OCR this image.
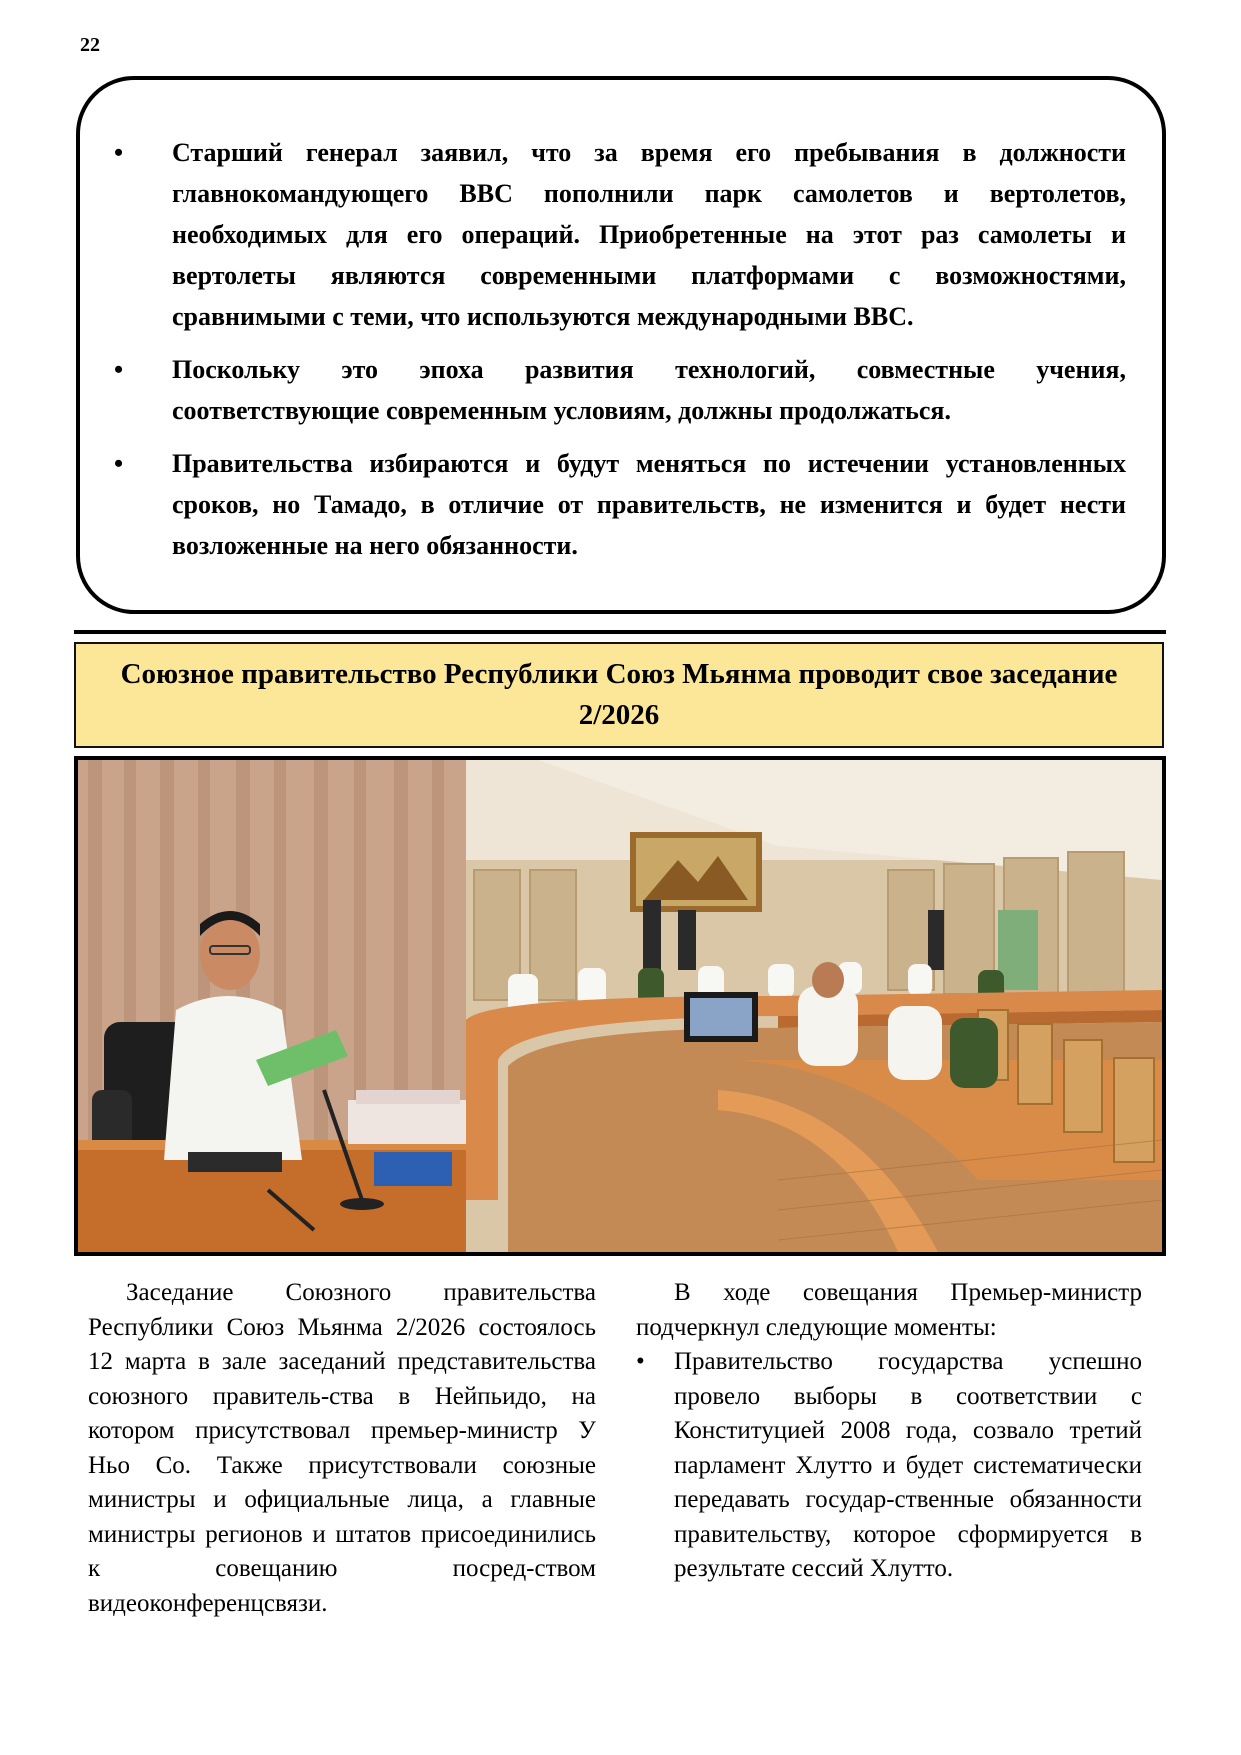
22
• Старший генерал заявил, что за время его пребывания в должности главнокомандующего ВВС пополнили парк самолетов и вертолетов, необходимых для его операций. Приобретенные на этот раз самолеты и вертолеты являются современными платформами с возможностями, сравнимыми с теми, что используются международными ВВС.
• Поскольку это эпоха развития технологий, совместные учения, соответствующие современным условиям, должны продолжаться.
• Правительства избираются и будут меняться по истечении установленных сроков, но Тамадо, в отличие от правительств, не изменится и будет нести возложенные на него обязанности.
Союзное правительство Республики Союз Мьянма проводит свое заседание
2/2026

Заседание Союзного правительства Республики Союз Мьянма 2/2026 состоялось 12 марта в зале заседаний представительства союзного правитель-ства в Нейпьидо, на котором присутствовал премьер-министр У Ньо Со. Также присутствовали союзные министры и официальные лица, а главные министры регионов и штатов присоединились к совещанию посред-ством видеоконференцсвязи.

В ходе совещания Премьер-министр подчеркнул следующие моменты:

• Правительство государства успешно провело выборы в соответствии с Конституцией 2008 года, созвало третий парламент Хлутто и будет систематически передавать государ-ственные обязанности правительству, которое сформируется в результате сессий Хлутто.
